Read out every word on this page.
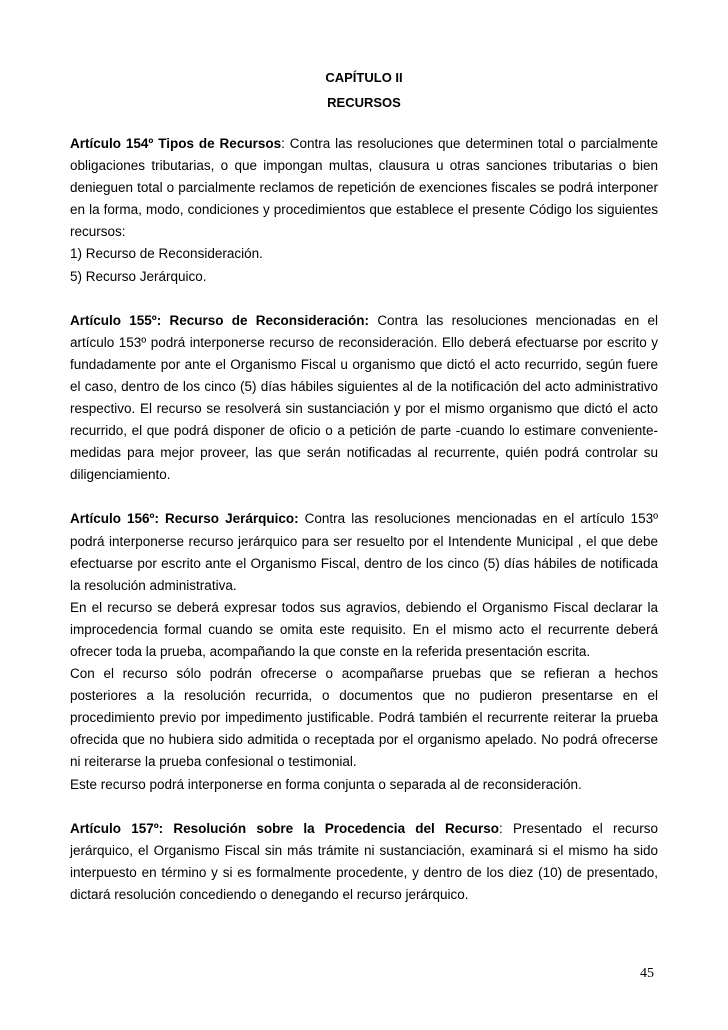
CAPÍTULO II
RECURSOS

Artículo 154º Tipos de Recursos: Contra las resoluciones que determinen total o parcialmente obligaciones tributarias, o que impongan multas, clausura u otras sanciones tributarias o bien denieguen total o parcialmente reclamos de repetición de exenciones fiscales se podrá interponer en la forma, modo, condiciones y procedimientos que establece el presente Código los siguientes recursos:

1) Recurso de Reconsideración.

5) Recurso Jerárquico.

Artículo 155º: Recurso de Reconsideración: Contra las resoluciones mencionadas en el artículo 153º podrá interponerse recurso de reconsideración. Ello deberá efectuarse por escrito y fundadamente por ante el Organismo Fiscal u organismo que dictó el acto recurrido, según fuere el caso, dentro de los cinco (5) días hábiles siguientes al de la notificación del acto administrativo respectivo. El recurso se resolverá sin sustanciación y por el mismo organismo que dictó el acto recurrido, el que podrá disponer de oficio o a petición de parte -cuando lo estimare conveniente- medidas para mejor proveer, las que serán notificadas al recurrente, quién podrá controlar su diligenciamiento.

Artículo 156º: Recurso Jerárquico: Contra las resoluciones mencionadas en el artículo 153º podrá interponerse recurso jerárquico para ser resuelto por el Intendente Municipal , el que debe efectuarse por escrito ante el Organismo Fiscal, dentro de los cinco (5) días hábiles de notificada la resolución administrativa.

En el recurso se deberá expresar todos sus agravios, debiendo el Organismo Fiscal declarar la improcedencia formal cuando se omita este requisito. En el mismo acto el recurrente deberá ofrecer toda la prueba, acompañando la que conste en la referida presentación escrita.

Con el recurso sólo podrán ofrecerse o acompañarse pruebas que se refieran a hechos posteriores a la resolución recurrida, o documentos que no pudieron presentarse en el procedimiento previo por impedimento justificable. Podrá también el recurrente reiterar la prueba ofrecida que no hubiera sido admitida o receptada por el organismo apelado. No podrá ofrecerse ni reiterarse la prueba confesional o testimonial.

Este recurso podrá interponerse en forma conjunta o separada al de reconsideración.

Artículo 157º: Resolución sobre la Procedencia del Recurso: Presentado el recurso jerárquico, el Organismo Fiscal sin más trámite ni sustanciación, examinará si el mismo ha sido interpuesto en término y si es formalmente procedente, y dentro de los diez (10) de presentado, dictará resolución concediendo o denegando el recurso jerárquico.

45
